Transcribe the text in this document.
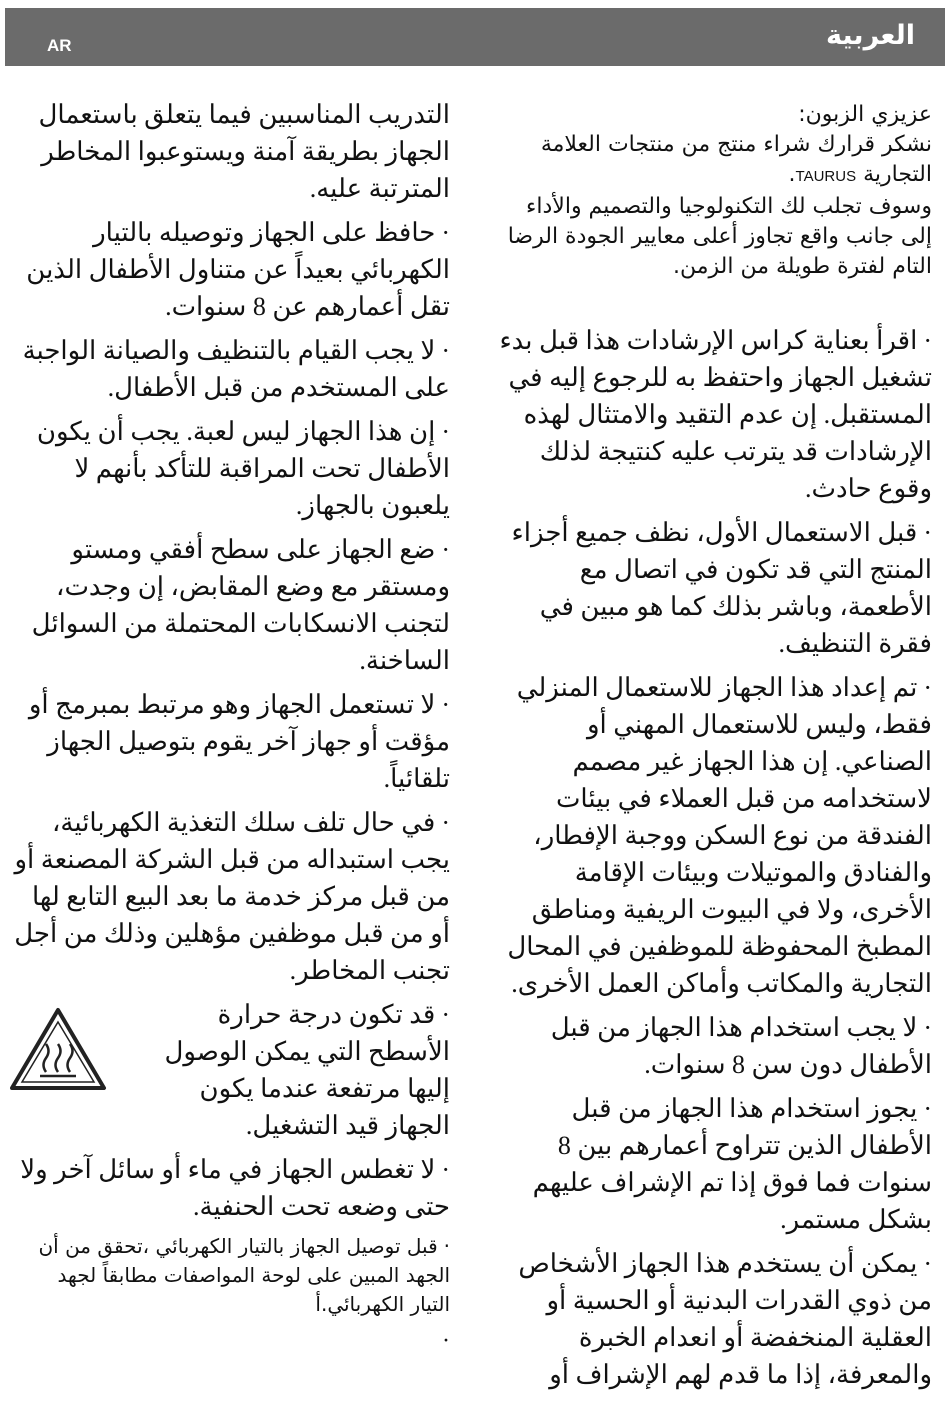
AR	العربية

عزيزي الزبون:

نشكر قرارك شراء منتج من منتجات العلامة التجارية TAURUS.

وسوف تجلب لك التكنولوجيا والتصميم والأداء إلى جانب واقع تجاوز أعلى معايير الجودة الرضا التام لفترة طويلة من الزمن.

·اقرأ بعناية كراس الإرشادات هذا قبل بدء تشغيل الجهاز واحتفظ به للرجوع إليه في المستقبل. إن عدم التقيد والامتثال لهذه الإرشادات قد يترتب عليه كنتيجة لذلك وقوع حادث.

·قبل الاستعمال الأول، نظف جميع أجزاء المنتج التي قد تكون في اتصال مع الأطعمة، وباشر بذلك كما هو مبين في فقرة التنظيف.

·تم إعداد هذا الجهاز للاستعمال المنزلي فقط، وليس للاستعمال المهني أو الصناعي. إن هذا الجهاز غير مصمم لاستخدامه من قبل العملاء في بيئات الفندقة من نوع السكن ووجبة الإفطار، والفنادق والموتيلات وبيئات الإقامة الأخرى، ولا في البيوت الريفية ومناطق المطبخ المحفوظة للموظفين في المحال التجارية والمكاتب وأماكن العمل الأخرى.

·لا يجب استخدام هذا الجهاز من قبل الأطفال دون سن 8 سنوات.

·يجوز استخدام هذا الجهاز من قبل الأطفال الذين تتراوح أعمارهم بين 8 سنوات فما فوق إذا تم الإشراف عليهم بشكل مستمر.

·يمكن أن يستخدم هذا الجهاز الأشخاص من ذوي القدرات البدنية أو الحسية أو العقلية المنخفضة أو انعدام الخبرة والمعرفة، إذا ما قدم لهم الإشراف أو

التدريب المناسبين فيما يتعلق باستعمال الجهاز بطريقة آمنة ويستوعبوا المخاطر المترتبة عليه.

·حافظ على الجهاز وتوصيله بالتيار الكهربائي بعيداً عن متناول الأطفال الذين تقل أعمارهم عن 8 سنوات.

·لا يجب القيام بالتنظيف والصيانة الواجبة على المستخدم من قبل الأطفال.

·إن هذا الجهاز ليس لعبة. يجب أن يكون الأطفال تحت المراقبة للتأكد بأنهم لا يلعبون بالجهاز.

·ضع الجهاز على سطح أفقي ومستو ومستقر مع وضع المقابض، إن وجدت، لتجنب الانسكابات المحتملة من السوائل الساخنة.

·لا تستعمل الجهاز وهو مرتبط بمبرمج أو مؤقت أو جهاز آخر يقوم بتوصيل الجهاز تلقائياً.

·في حال تلف سلك التغذية الكهربائية، يجب استبداله من قبل الشركة المصنعة أو من قبل مركز خدمة ما بعد البيع التابع لها أو من قبل موظفين مؤهلين وذلك من أجل تجنب المخاطر.

·قد تكون درجة حرارة الأسطح التي يمكن الوصول إليها مرتفعة عندما يكون الجهاز قيد التشغيل.

·لا تغطس الجهاز في ماء أو سائل آخر ولا حتى وضعه تحت الحنفية.

·قبل توصيل الجهاز بالتيار الكهربائي ،تحقق من أن الجهد المبين على لوحة المواصفات مطابقاً لجهد التيار الكهربائي.أ

·
